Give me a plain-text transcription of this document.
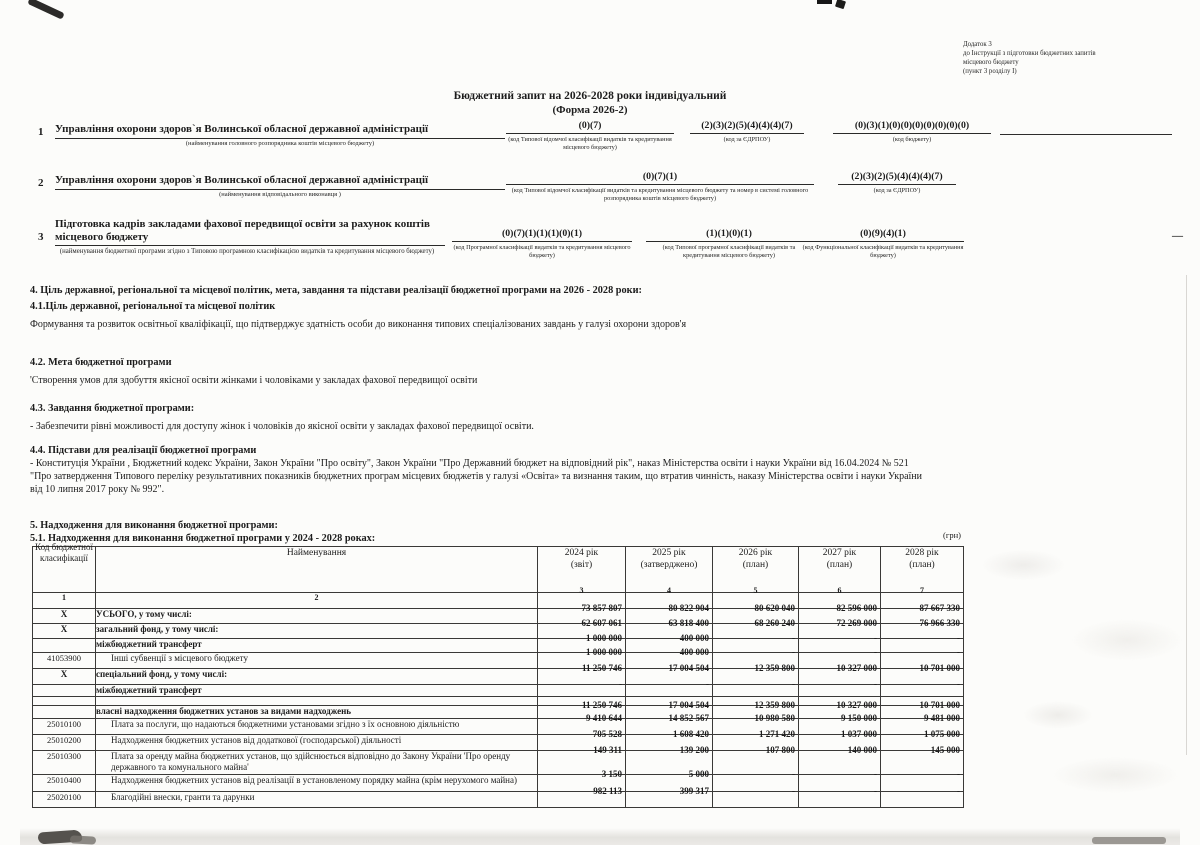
—
Додаток 3
до Інструкції з підготовки бюджетних запитів
місцевого бюджету
(пункт 3 розділу І)
Бюджетний запит на 2026-2028 роки індивідуальний
(Форма 2026-2)
1 Управління охорони здоров`я Волинської обласної державної адміністрації
(найменування головного розпорядника коштів місцевого бюджету)
(0)(7)
(код Типової відомчої класифікації видатків та кредитування місцевого бюджету)
(2)(3)(2)(5)(4)(4)(4)(7)
(код за ЄДРПОУ)
(0)(3)(1)(0)(0)(0)(0)(0)(0)(0)
(код бюджету)
2 Управління охорони здоров`я Волинської обласної державної адміністрації
(найменування відповідального виконавця )
(0)(7)(1)
(код Типової відомчої класифікації видатків та кредитування місцевого бюджету та номер в системі головного розпорядника коштів місцевого бюджету)
(2)(3)(2)(5)(4)(4)(4)(7)
(код за ЄДРПОУ)
3
Підготовка кадрів закладами фахової передвищої освіти за рахунок коштів
місцевого бюджету
(найменування бюджетної програми згідно з Типовою програмною класифікацією видатків та кредитування місцевого бюджету)
(0)(7)(1)(1)(1)(0)(1)
(код Програмної класифікації видатків та кредитування місцевого бюджету)
(1)(1)(0)(1)
(код Типової програмної класифікації видатків та кредитування місцевого бюджету)
(0)(9)(4)(1)
(код Функціональної класифікації видатків та кредитування бюджету)
4. Ціль державної, регіональної та місцевої політик, мета, завдання та підстави реалізації бюджетної програми на 2026 - 2028 роки:
4.1.Ціль державної, регіональної та місцевої політик
Формування та розвиток освітньої кваліфікації, що підтверджує здатність особи до виконання типових спеціалізованих завдань у галузі охорони здоров'я
4.2. Мета бюджетної програми
'Створення умов для здобуття якісної освіти жінками і чоловіками у закладах фахової передвищої освіти
4.3. Завдання бюджетної програми:
- Забезпечити рівні можливості для доступу жінок і чоловіків до якісної освіти у закладах фахової передвищої освіти.
4.4. Підстави для реалізації бюджетної програми
- Конституція України , Бюджетний кодекс України, Закон України "Про освіту", Закон України "Про Державний бюджет на відповідний рік", наказ Міністерства освіти і науки України від 16.04.2024 № 521
"Про затвердження Типового переліку результативних показників бюджетних програм місцевих бюджетів у галузі «Освіта» та визнання таким, що втратив чинність, наказу Міністерства освіти і науки України
від 10 липня 2017 року № 992".
5. Надходження для виконання бюджетної програми:
5.1. Надходження для виконання бюджетної програми у 2024 - 2028 роках:	(грн)
Код бюджетної класифікації	Найменування	2024 рік
(звіт)

2025 рік
(затверджено)

2026 рік
(план)

2027 рік
(план)

2028 рік
(план)

1	2	3	4	5	6	7
X	УСЬОГО, у тому числі:	73 857 807	80 822 904	80 620 040	82 596 000	87 667 330

X	загальний фонд, у тому числі:	62 607 061	63 818 400	68 260 240	72 269 000	76 966 330

	міжбюджетний трансферт	1 000 000	400 000	-	-	-

41053900	Інші субвенції з місцевого бюджету	1 000 000	400 000	-	-	-

X	спеціальний фонд, у тому числі:	11 250 746	17 004 504	12 359 800	10 327 000	10 701 000

	міжбюджетний трансферт	-	-	-	-	-

	власні надходження бюджетних установ за видами надходжень	11 250 746	17 004 504	12 359 800	10 327 000	10 701 000

25010100	Плата за послуги, що надаються бюджетними установами згідно з їх основною діяльністю	9 410 644	14 852 567	10 980 580	9 150 000	9 481 000

25010200	Надходження бюджетних установ від додаткової (господарської) діяльності	705 528	1 608 420	1 271 420	1 037 000	1 075 000

25010300	Плата за оренду майна бюджетних установ, що здійснюється відповідно до Закону України 'Про оренду державного та комунального майна'	149 311	139 200	107 800	140 000	145 000

25010400	Надходження бюджетних установ від реалізації в установленому порядку майна (крім нерухомого майна)	3 150	5 000	-	-	-

25020100	Благодійні внески, гранти та дарунки	982 113	399 317	-	-	-
